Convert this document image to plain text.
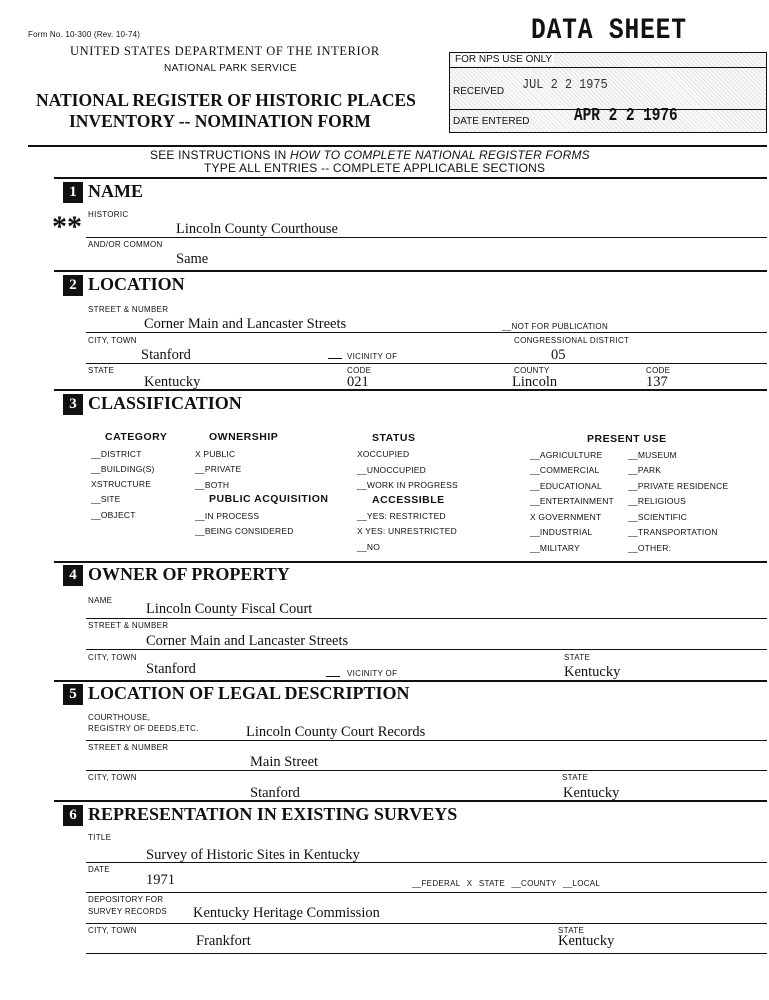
Form No. 10-300 (Rev. 10-74)	DATA SHEET
UNITED STATES DEPARTMENT OF THE INTERIOR
NATIONAL PARK SERVICE
NATIONAL REGISTER OF HISTORIC PLACES
INVENTORY -- NOMINATION FORM
FOR NPS USE ONLY
RECEIVED JUL 2 2 1975
DATE ENTERED APR 2 2 1976
SEE INSTRUCTIONS IN HOW TO COMPLETE NATIONAL REGISTER FORMS
TYPE ALL ENTRIES -- COMPLETE APPLICABLE SECTIONS
1 NAME
** HISTORIC
Lincoln County Courthouse
AND/OR COMMON
Same
2 LOCATION
STREET & NUMBER
Corner Main and Lancaster Streets	__NOT FOR PUBLICATION
CITY, TOWN	CONGRESSIONAL DISTRICT
Stanford	VICINITY OF	05
STATE	CODE	COUNTY	CODE
Kentucky	021	Lincoln	137
3 CLASSIFICATION
CATEGORY
__DISTRICT
__BUILDING(S)
XSTRUCTURE
__SITE
__OBJECT
OWNERSHIP
X PUBLIC
__PRIVATE
__BOTH
PUBLIC ACQUISITION
__IN PROCESS
__BEING CONSIDERED
STATUS
XOCCUPIED
__UNOCCUPIED
__WORK IN PROGRESS
ACCESSIBLE
__YES: RESTRICTED
X YES: UNRESTRICTED
__NO
PRESENT USE
__AGRICULTURE
__COMMERCIAL
__EDUCATIONAL
__ENTERTAINMENT
X GOVERNMENT
__INDUSTRIAL
__MILITARY
__MUSEUM
__PARK
__PRIVATE RESIDENCE
__RELIGIOUS
__SCIENTIFIC
__TRANSPORTATION
__OTHER:
4 OWNER OF PROPERTY
NAME
Lincoln County Fiscal Court
STREET & NUMBER
Corner Main and Lancaster Streets
CITY, TOWN	STATE
Stanford	VICINITY OF	Kentucky
5 LOCATION OF LEGAL DESCRIPTION
COURTHOUSE,
REGISTRY OF DEEDS,ETC.	Lincoln County Court Records
STREET & NUMBER
Main Street
CITY, TOWN	STATE
Stanford	Kentucky
6 REPRESENTATION IN EXISTING SURVEYS
TITLE
Survey of Historic Sites in Kentucky
DATE
1971	__FEDERAL X STATE __COUNTY __LOCAL
DEPOSITORY FOR
SURVEY RECORDS Kentucky Heritage Commission
CITY, TOWN	STATE
Frankfort	Kentucky
